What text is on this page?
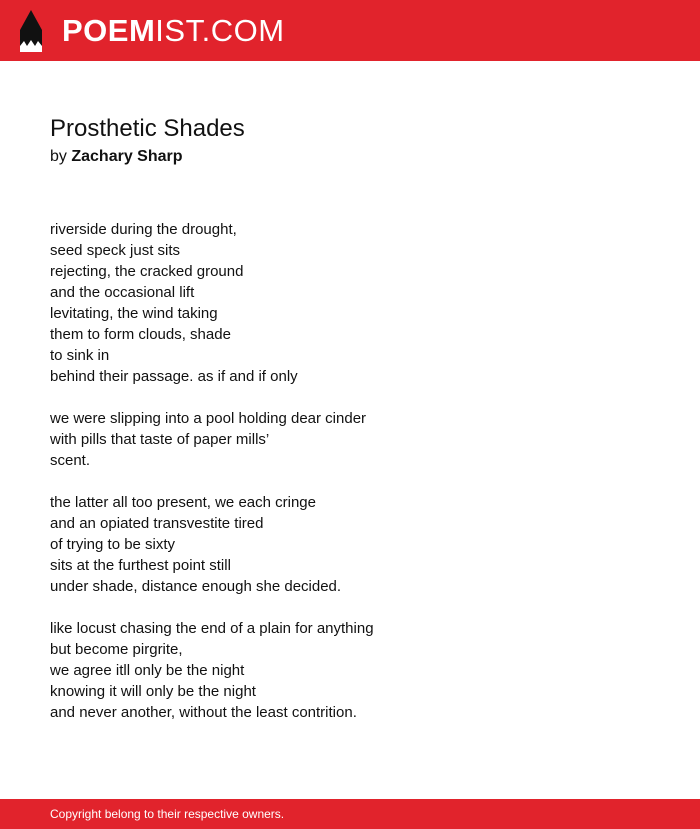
POEMIST.COM
Prosthetic Shades
by Zachary Sharp
riverside during the drought,
seed speck just sits
rejecting, the cracked ground
and the occasional lift
levitating, the wind taking
them to form clouds, shade
to sink in
behind their passage. as if and if only
we were slipping into a pool holding dear cinder
with pills that taste of paper mills’
scent.
the latter all too present, we each cringe
and an opiated transvestite tired
of trying to be sixty
sits at the furthest point still
under shade, distance enough she decided.
like locust chasing the end of a plain for anything
but become pirgrite,
we agree itll only be the night
knowing it will only be the night
and never another, without the least contrition.
Copyright belong to their respective owners.
